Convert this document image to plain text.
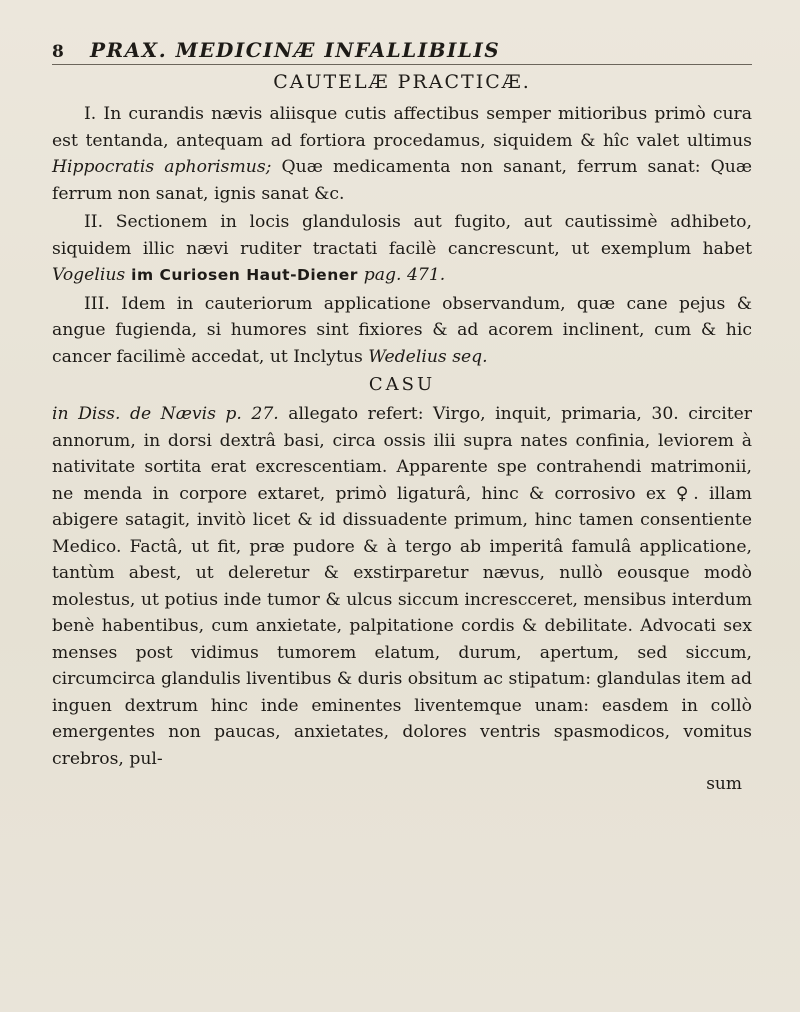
8	PRAX. MEDICINÆ INFALLIBILIS
CAUTELÆ PRACTICÆ.

I. In curandis nævis aliisque cutis affectibus semper mitioribus primò cura est tentanda, antequam ad fortiora procedamus, siquidem & hîc valet ultimus Hippocratis aphorismus; Quæ medicamenta non sanant, ferrum sanat: Quæ ferrum non sanat, ignis sanat &c.

II. Sectionem in locis glandulosis aut fugito, aut cautissimè adhibeto, siquidem illic nævi ruditer tractati facilè cancrescunt, ut exemplum habet Vogelius im Curiosen Haut-Diener pag. 471.

III. Idem in cauteriorum applicatione observandum, quæ cane pejus & angue fugienda, si humores sint fixiores & ad acorem inclinent, cum & hic cancer facilimè accedat, ut Inclytus Wedelius seq.

CASU

in Diss. de Nævis p. 27. allegato refert: Virgo, inquit, primaria, 30. circiter annorum, in dorsi dextrâ basi, circa ossis ilii supra nates confinia, leviorem à nativitate sortita erat excrescentiam. Apparente spe contrahendi matrimonii, ne menda in corpore extaret, primò ligaturâ, hinc & corrosivo ex ♀. illam abigere satagit, invitò licet & id dissuadente primum, hinc tamen consentiente Medico. Factâ, ut fit, præ pudore & à tergo ab imperitâ famulâ applicatione, tantùm abest, ut deleretur & exstirparetur nævus, nullò eousque modò molestus, ut potius inde tumor & ulcus siccum increscceret, mensibus interdum benè habentibus, cum anxietate, palpitatione cordis & debilitate. Advocati sex menses post vidimus tumorem elatum, durum, apertum, sed siccum, circumcirca glandulis liventibus & duris obsitum ac stipatum: glandulas item ad inguen dextrum hinc inde eminentes liventemque unam: easdem in collò emergentes non paucas, anxietates, dolores ventris spasmodicos, vomitus crebros, pul-

sum
